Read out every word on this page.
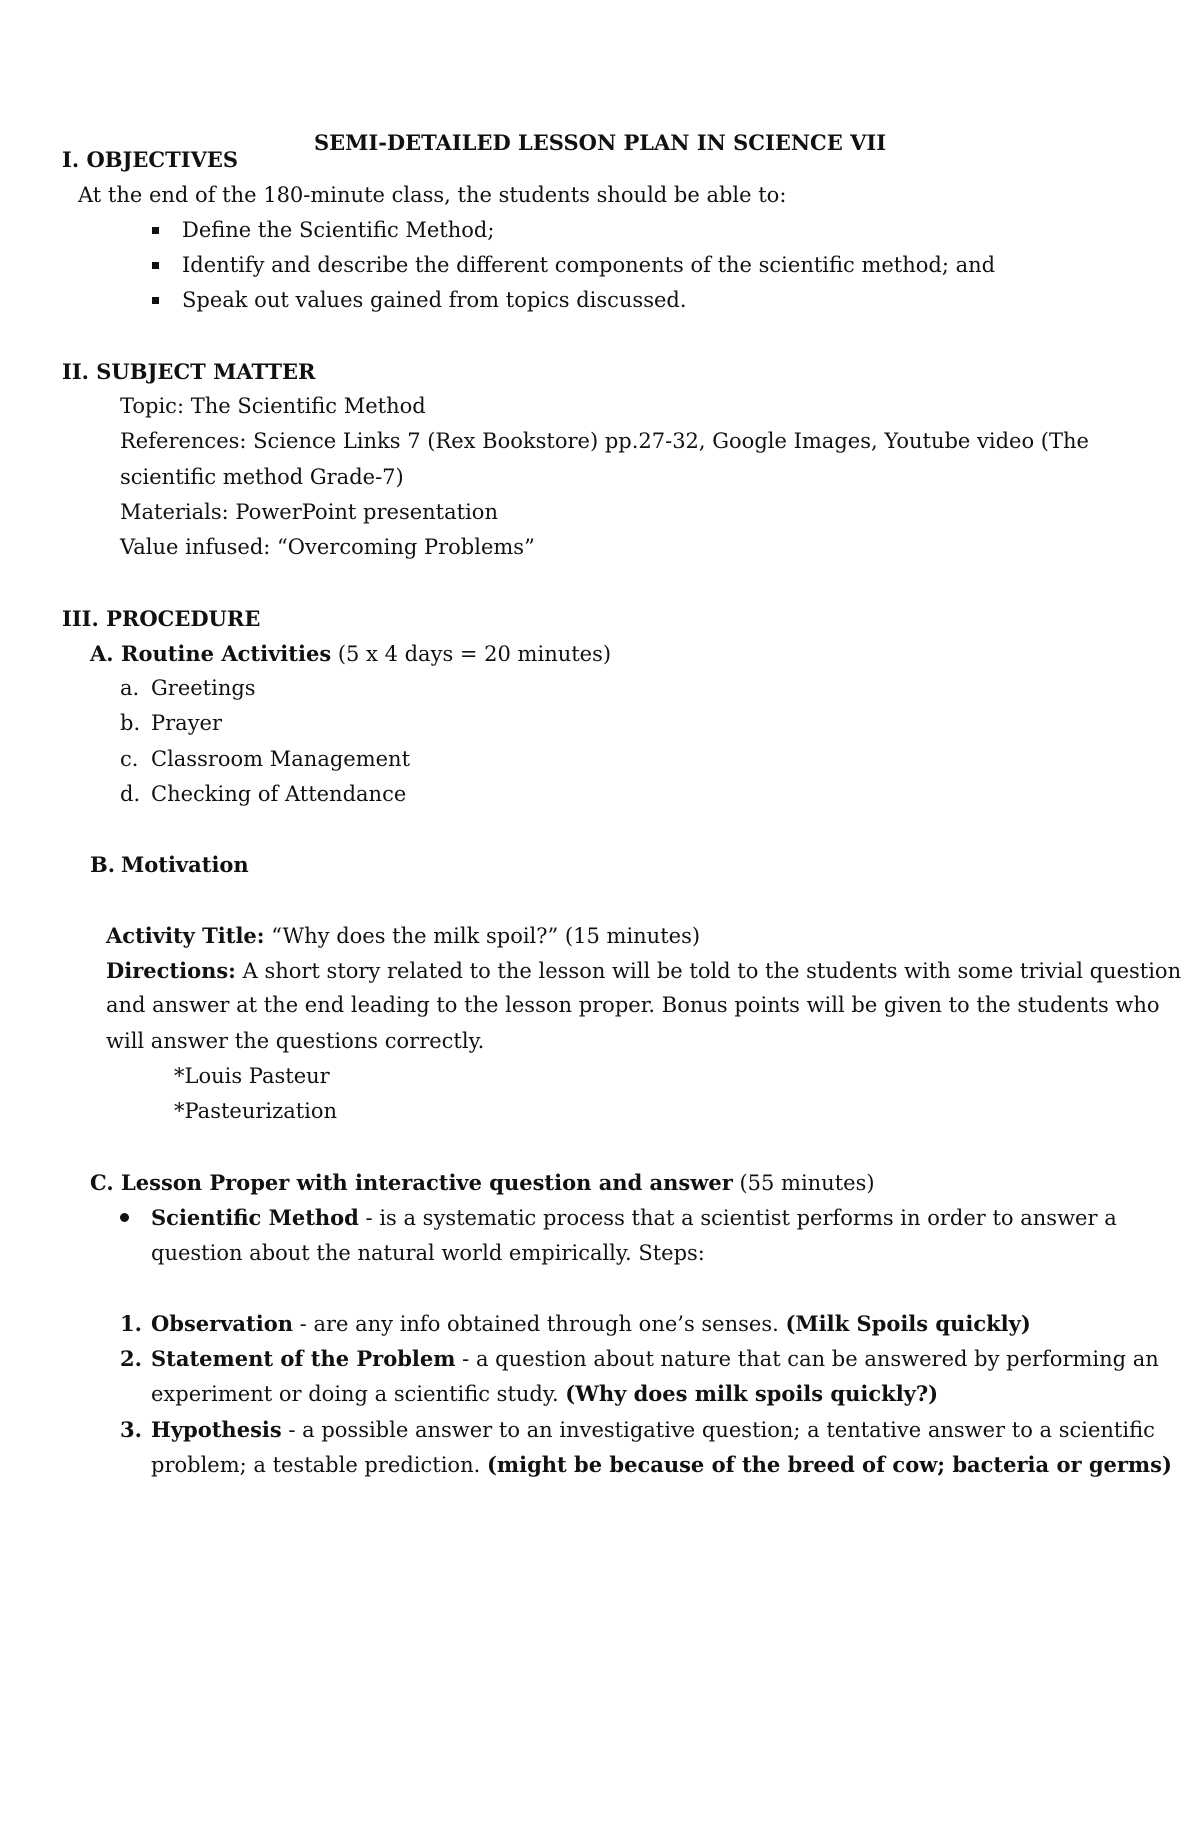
SEMI-DETAILED LESSON PLAN IN SCIENCE VII
I. OBJECTIVES
At the end of the 180-minute class, the students should be able to:
Define the Scientific Method;
Identify and describe the different components of the scientific method; and
Speak out values gained from topics discussed.
II. SUBJECT MATTER
Topic: The Scientific Method
References: Science Links 7 (Rex Bookstore) pp.27-32, Google Images, Youtube video (The
scientific method Grade-7)
Materials: PowerPoint presentation
Value infused: “Overcoming Problems”
III. PROCEDURE
A. Routine Activities (5 x 4 days = 20 minutes)
a. Greetings
b. Prayer
c. Classroom Management
d. Checking of Attendance
B. Motivation
Activity Title: “Why does the milk spoil?” (15 minutes)
Directions: A short story related to the lesson will be told to the students with some trivial question
and answer at the end leading to the lesson proper. Bonus points will be given to the students who
will answer the questions correctly.
*Louis Pasteur
*Pasteurization
C. Lesson Proper with interactive question and answer (55 minutes)
Scientific Method - is a systematic process that a scientist performs in order to answer a
question about the natural world empirically. Steps:
1. Observation - are any info obtained through one’s senses. (Milk Spoils quickly)
2. Statement of the Problem - a question about nature that can be answered by performing an
experiment or doing a scientific study. (Why does milk spoils quickly?)
3. Hypothesis - a possible answer to an investigative question; a tentative answer to a scientific
problem; a testable prediction. (might be because of the breed of cow; bacteria or germs)
